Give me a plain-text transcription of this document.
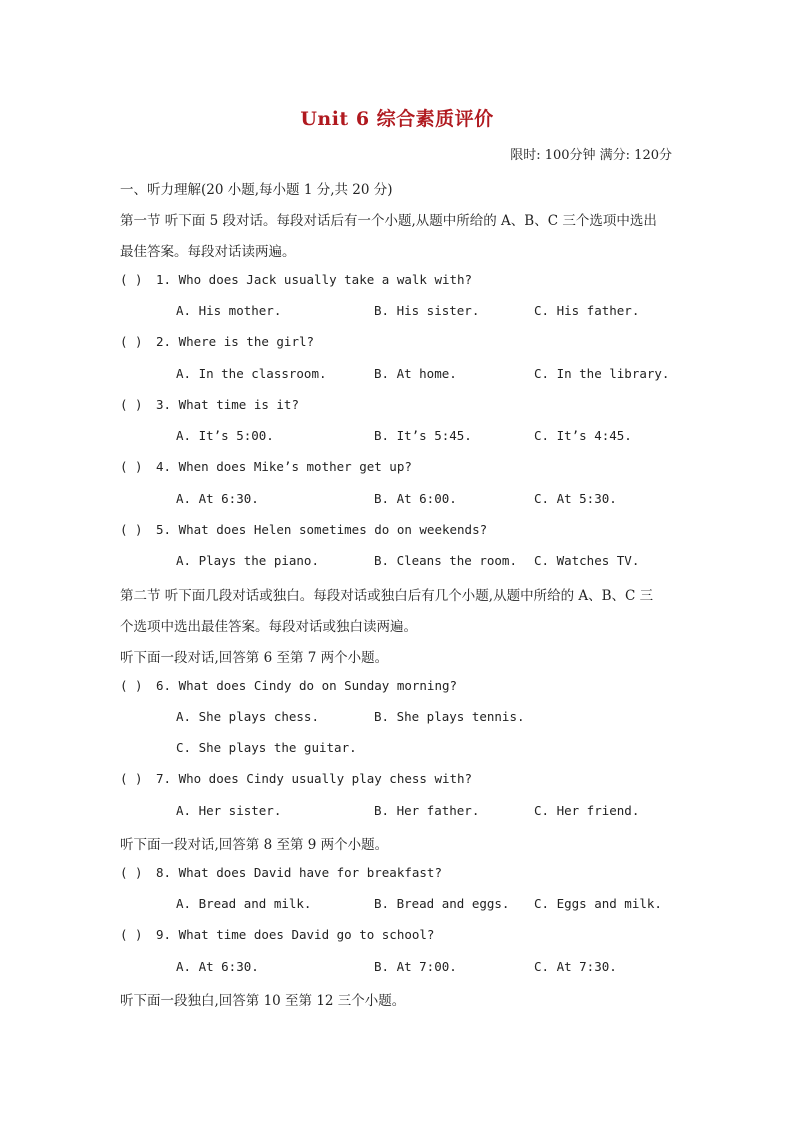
Unit 6 综合素质评价
限时: 100分钟 满分: 120分
一、听力理解(20 小题,每小题 1 分,共 20 分)
第一节 听下面 5 段对话。每段对话后有一个小题,从题中所给的 A、B、C 三个选项中选出
最佳答案。每段对话读两遍。
( ) 1. Who does Jack usually take a walk with?
A. His mother.	B. His sister.	C. His father.
( ) 2. Where is the girl?
A. In the classroom.	B. At home.	C. In the library.
( ) 3. What time is it?
A. It’s 5:00.	B. It’s 5:45.	C. It’s 4:45.
( ) 4. When does Mike’s mother get up?
A. At 6:30.	B. At 6:00.	C. At 5:30.
( ) 5. What does Helen sometimes do on weekends?
A. Plays the piano.	B. Cleans the room. C. Watches TV.
第二节 听下面几段对话或独白。每段对话或独白后有几个小题,从题中所给的 A、B、C 三
个选项中选出最佳答案。每段对话或独白读两遍。
听下面一段对话,回答第 6 至第 7 两个小题。
( ) 6. What does Cindy do on Sunday morning?
A. She plays chess.	B. She plays tennis.
C. She plays the guitar.
( ) 7. Who does Cindy usually play chess with?
A. Her sister.	B. Her father.	C. Her friend.
听下面一段对话,回答第 8 至第 9 两个小题。
( ) 8. What does David have for breakfast?
A. Bread and milk.	B. Bread and eggs. C. Eggs and milk.
( ) 9. What time does David go to school?
A. At 6:30.	B. At 7:00.	C. At 7:30.
听下面一段独白,回答第 10 至第 12 三个小题。
